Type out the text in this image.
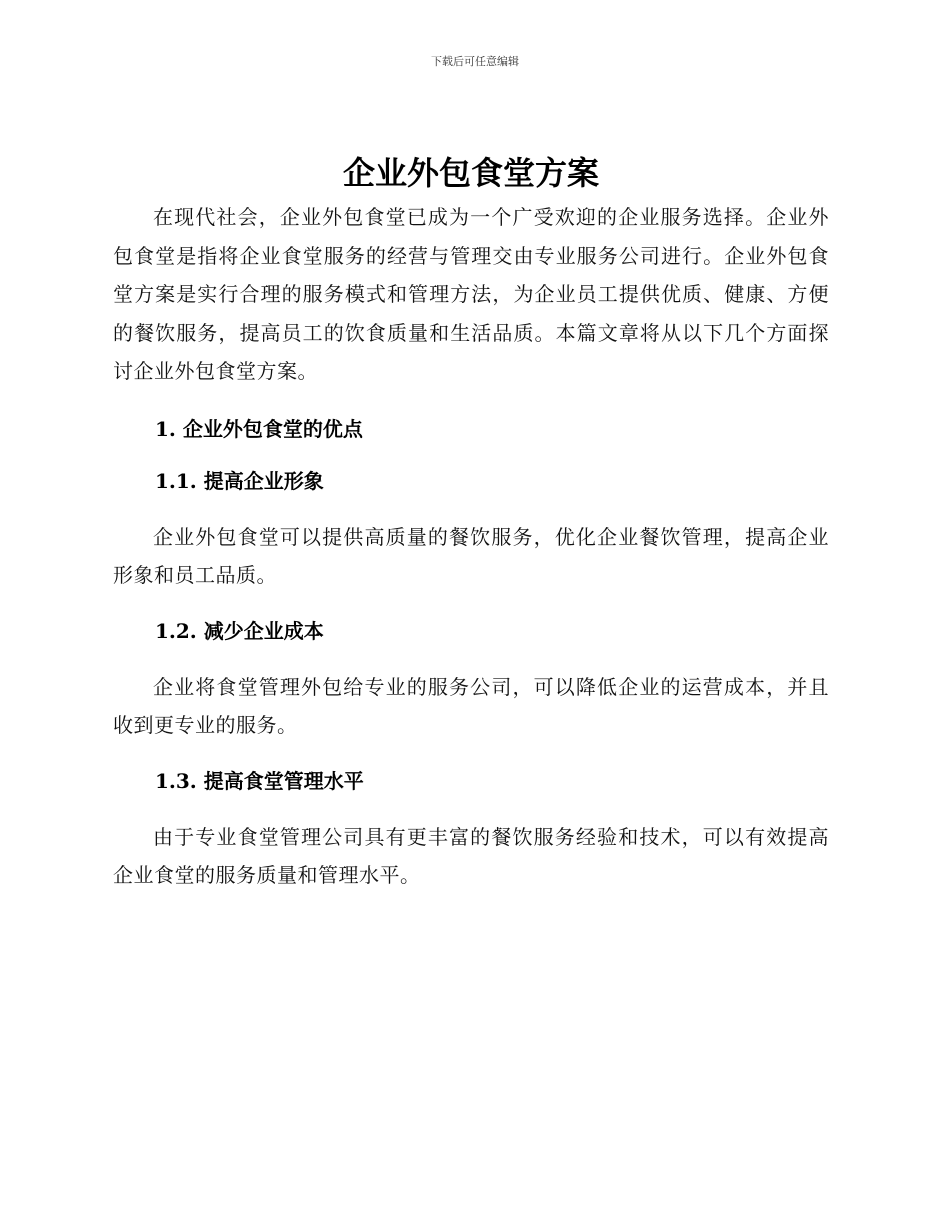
下载后可任意编辑
企业外包食堂方案

在现代社会，企业外包食堂已成为一个广受欢迎的企业服务选择。企业外包食堂是指将企业食堂服务的经营与管理交由专业服务公司进行。企业外包食堂方案是实行合理的服务模式和管理方法，为企业员工提供优质、健康、方便的餐饮服务，提高员工的饮食质量和生活品质。本篇文章将从以下几个方面探讨企业外包食堂方案。

1. 企业外包食堂的优点
1.1. 提高企业形象

企业外包食堂可以提供高质量的餐饮服务，优化企业餐饮管理，提高企业形象和员工品质。

1.2. 减少企业成本

企业将食堂管理外包给专业的服务公司，可以降低企业的运营成本，并且收到更专业的服务。

1.3. 提高食堂管理水平

由于专业食堂管理公司具有更丰富的餐饮服务经验和技术，可以有效提高企业食堂的服务质量和管理水平。
